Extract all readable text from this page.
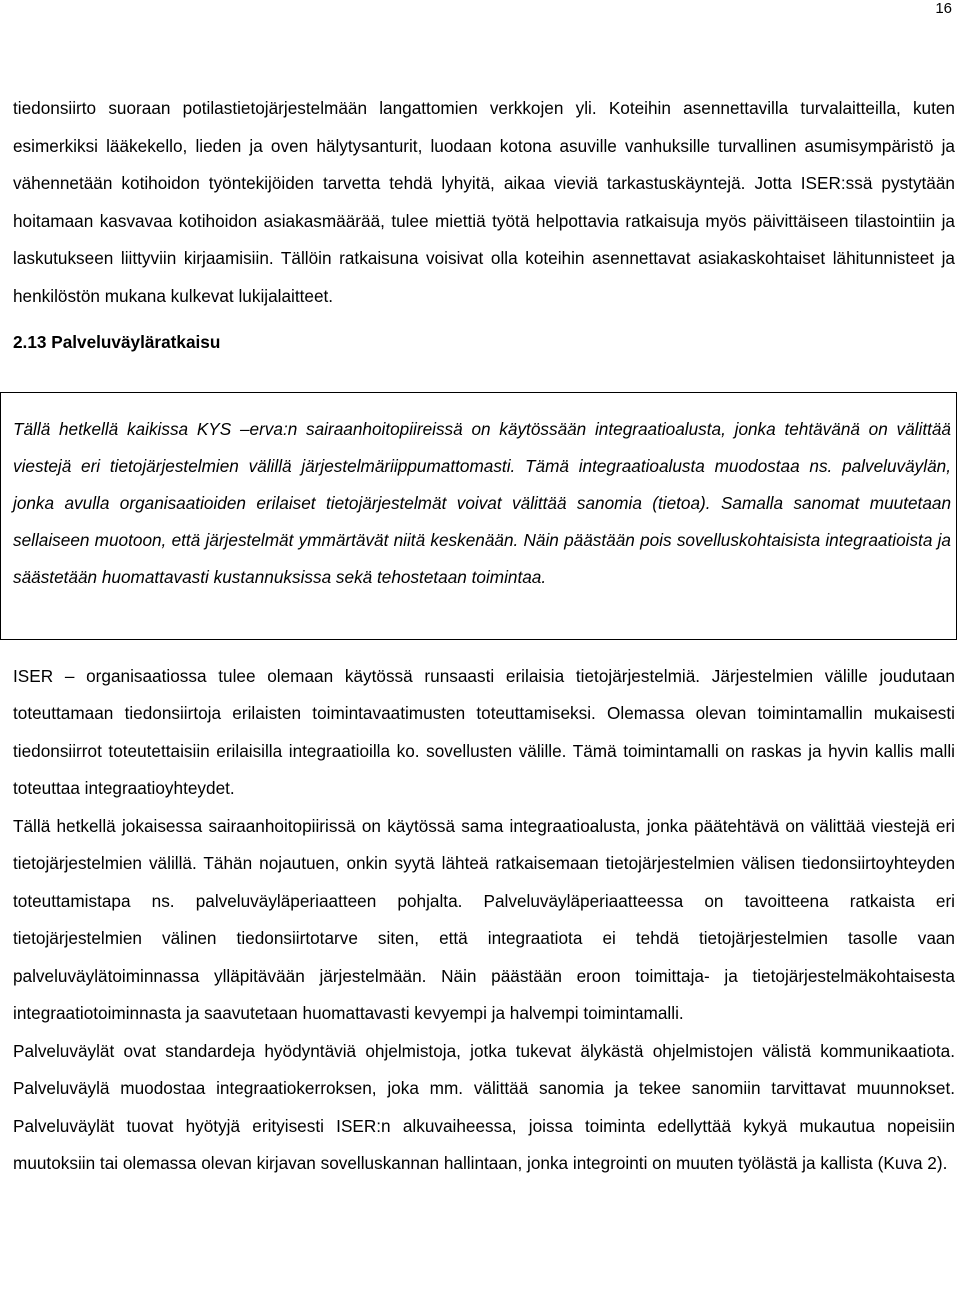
16

tiedonsiirto suoraan potilastietojärjestelmään langattomien verkkojen yli. Koteihin asennettavilla turvalaitteilla, kuten esimerkiksi lääkekello, lieden ja oven hälytysanturit, luodaan kotona asuville vanhuksille turvallinen asumisympäristö ja vähennetään kotihoidon työntekijöiden tarvetta tehdä lyhyitä, aikaa vieviä tarkastuskäyntejä. Jotta ISER:ssä pystytään hoitamaan kasvavaa kotihoidon asiakasmäärää, tulee miettiä työtä helpottavia ratkaisuja myös päivittäiseen tilastointiin ja laskutukseen liittyviin kirjaamisiin. Tällöin ratkaisuna voisivat olla koteihin asennettavat asiakaskohtaiset lähitunnisteet ja henkilöstön mukana kulkevat lukijalaitteet.

2.13 Palveluväyläratkaisu

Tällä hetkellä kaikissa KYS –erva:n sairaanhoitopiireissä on käytössään integraatioalusta, jonka tehtävänä on välittää viestejä eri tietojärjestelmien välillä järjestelmäriippumattomasti. Tämä integraatioalusta muodostaa ns. palveluväylän, jonka avulla organisaatioiden erilaiset tietojärjestelmät voivat välittää sanomia (tietoa). Samalla sanomat muutetaan sellaiseen muotoon, että järjestelmät ymmärtävät niitä keskenään. Näin päästään pois sovelluskohtaisista integraatioista ja säästetään huomattavasti kustannuksissa sekä tehostetaan toimintaa.

ISER – organisaatiossa tulee olemaan käytössä runsaasti erilaisia tietojärjestelmiä. Järjestelmien välille joudutaan toteuttamaan tiedonsiirtoja erilaisten toimintavaatimusten toteuttamiseksi. Olemassa olevan toimintamallin mukaisesti tiedonsiirrot toteutettaisiin erilaisilla integraatioilla ko. sovellusten välille. Tämä toimintamalli on raskas ja hyvin kallis malli toteuttaa integraatioyhteydet.

Tällä hetkellä jokaisessa sairaanhoitopiirissä on käytössä sama integraatioalusta, jonka päätehtävä on välittää viestejä eri tietojärjestelmien välillä. Tähän nojautuen, onkin syytä lähteä ratkaisemaan tietojärjestelmien välisen tiedonsiirtoyhteyden toteuttamistapa ns. palveluväyläperiaatteen pohjalta. Palveluväyläperiaatteessa on tavoitteena ratkaista eri tietojärjestelmien välinen tiedonsiirtotarve siten, että integraatiota ei tehdä tietojärjestelmien tasolle vaan palveluväylätoiminnassa ylläpitävään järjestelmään. Näin päästään eroon toimittaja- ja tietojärjestelmäkohtaisesta integraatiotoiminnasta ja saavutetaan huomattavasti kevyempi ja halvempi toimintamalli.

Palveluväylät ovat standardeja hyödyntäviä ohjelmistoja, jotka tukevat älykästä ohjelmistojen välistä kommunikaatiota. Palveluväylä muodostaa integraatiokerroksen, joka mm. välittää sanomia ja tekee sanomiin tarvittavat muunnokset. Palveluväylät tuovat hyötyjä erityisesti ISER:n alkuvaiheessa, joissa toiminta edellyttää kykyä mukautua nopeisiin muutoksiin tai olemassa olevan kirjavan sovelluskannan hallintaan, jonka integrointi on muuten työlästä ja kallista (Kuva 2).
